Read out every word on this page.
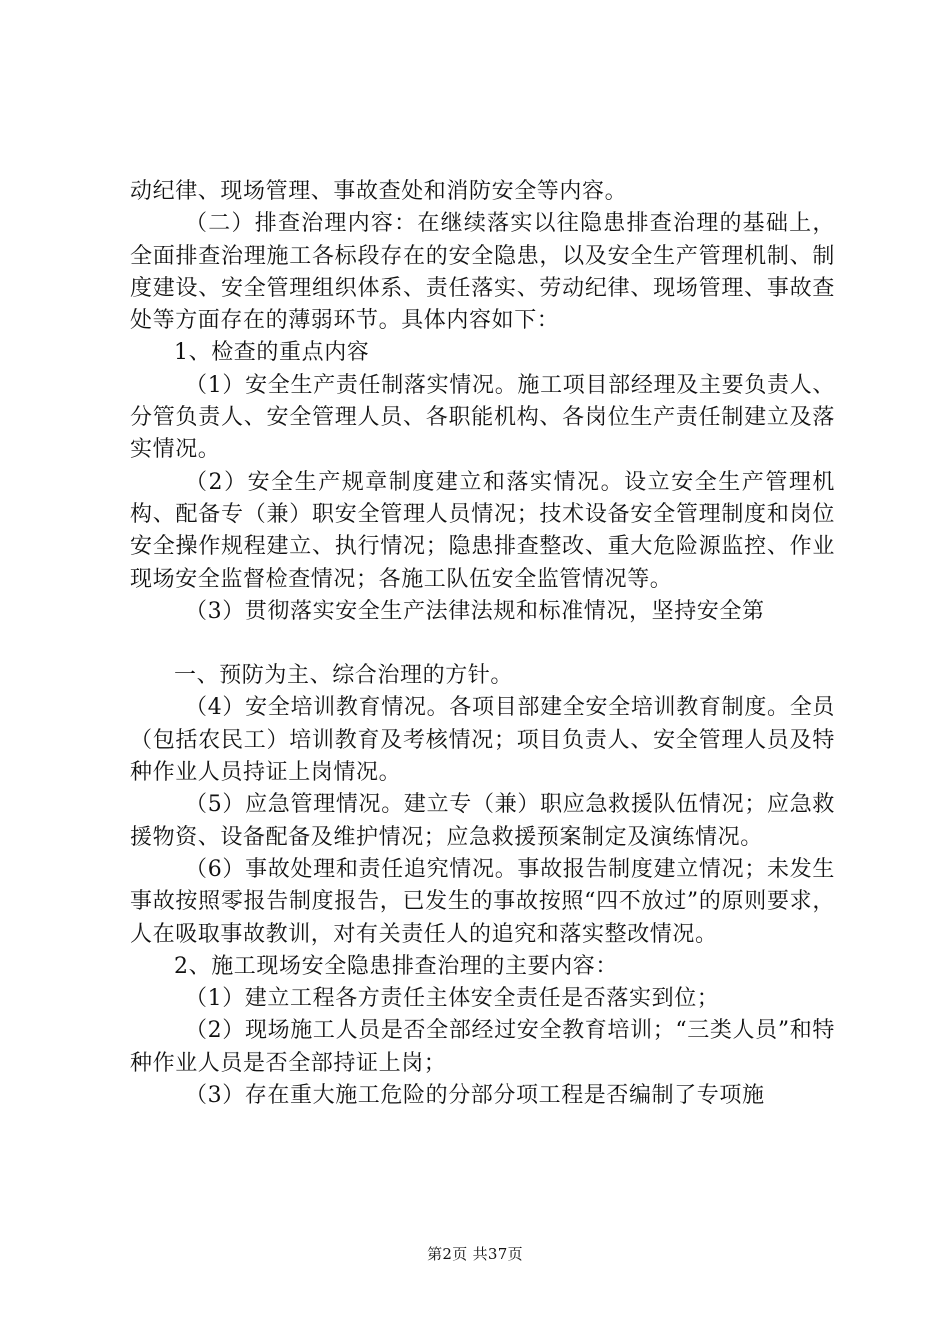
动纪律、现场管理、事故查处和消防安全等内容。

（二）排查治理内容：在继续落实以往隐患排查治理的基础上，全面排查治理施工各标段存在的安全隐患，以及安全生产管理机制、制度建设、安全管理组织体系、责任落实、劳动纪律、现场管理、事故查处等方面存在的薄弱环节。具体内容如下：

1、检查的重点内容

（1）安全生产责任制落实情况。施工项目部经理及主要负责人、分管负责人、安全管理人员、各职能机构、各岗位生产责任制建立及落实情况。

（2）安全生产规章制度建立和落实情况。设立安全生产管理机构、配备专（兼）职安全管理人员情况；技术设备安全管理制度和岗位安全操作规程建立、执行情况；隐患排查整改、重大危险源监控、作业现场安全监督检查情况；各施工队伍安全监管情况等。

（3）贯彻落实安全生产法律法规和标准情况，坚持安全第

一、预防为主、综合治理的方针。

（4）安全培训教育情况。各项目部建全安全培训教育制度。全员（包括农民工）培训教育及考核情况；项目负责人、安全管理人员及特种作业人员持证上岗情况。

（5）应急管理情况。建立专（兼）职应急救援队伍情况；应急救援物资、设备配备及维护情况；应急救援预案制定及演练情况。

（6）事故处理和责任追究情况。事故报告制度建立情况；未发生事故按照零报告制度报告，已发生的事故按照“四不放过”的原则要求，人在吸取事故教训，对有关责任人的追究和落实整改情况。

2、施工现场安全隐患排查治理的主要内容：

（1）建立工程各方责任主体安全责任是否落实到位；

（2）现场施工人员是否全部经过安全教育培训；“三类人员”和特种作业人员是否全部持证上岗；

（3）存在重大施工危险的分部分项工程是否编制了专项施

第2页 共37页
